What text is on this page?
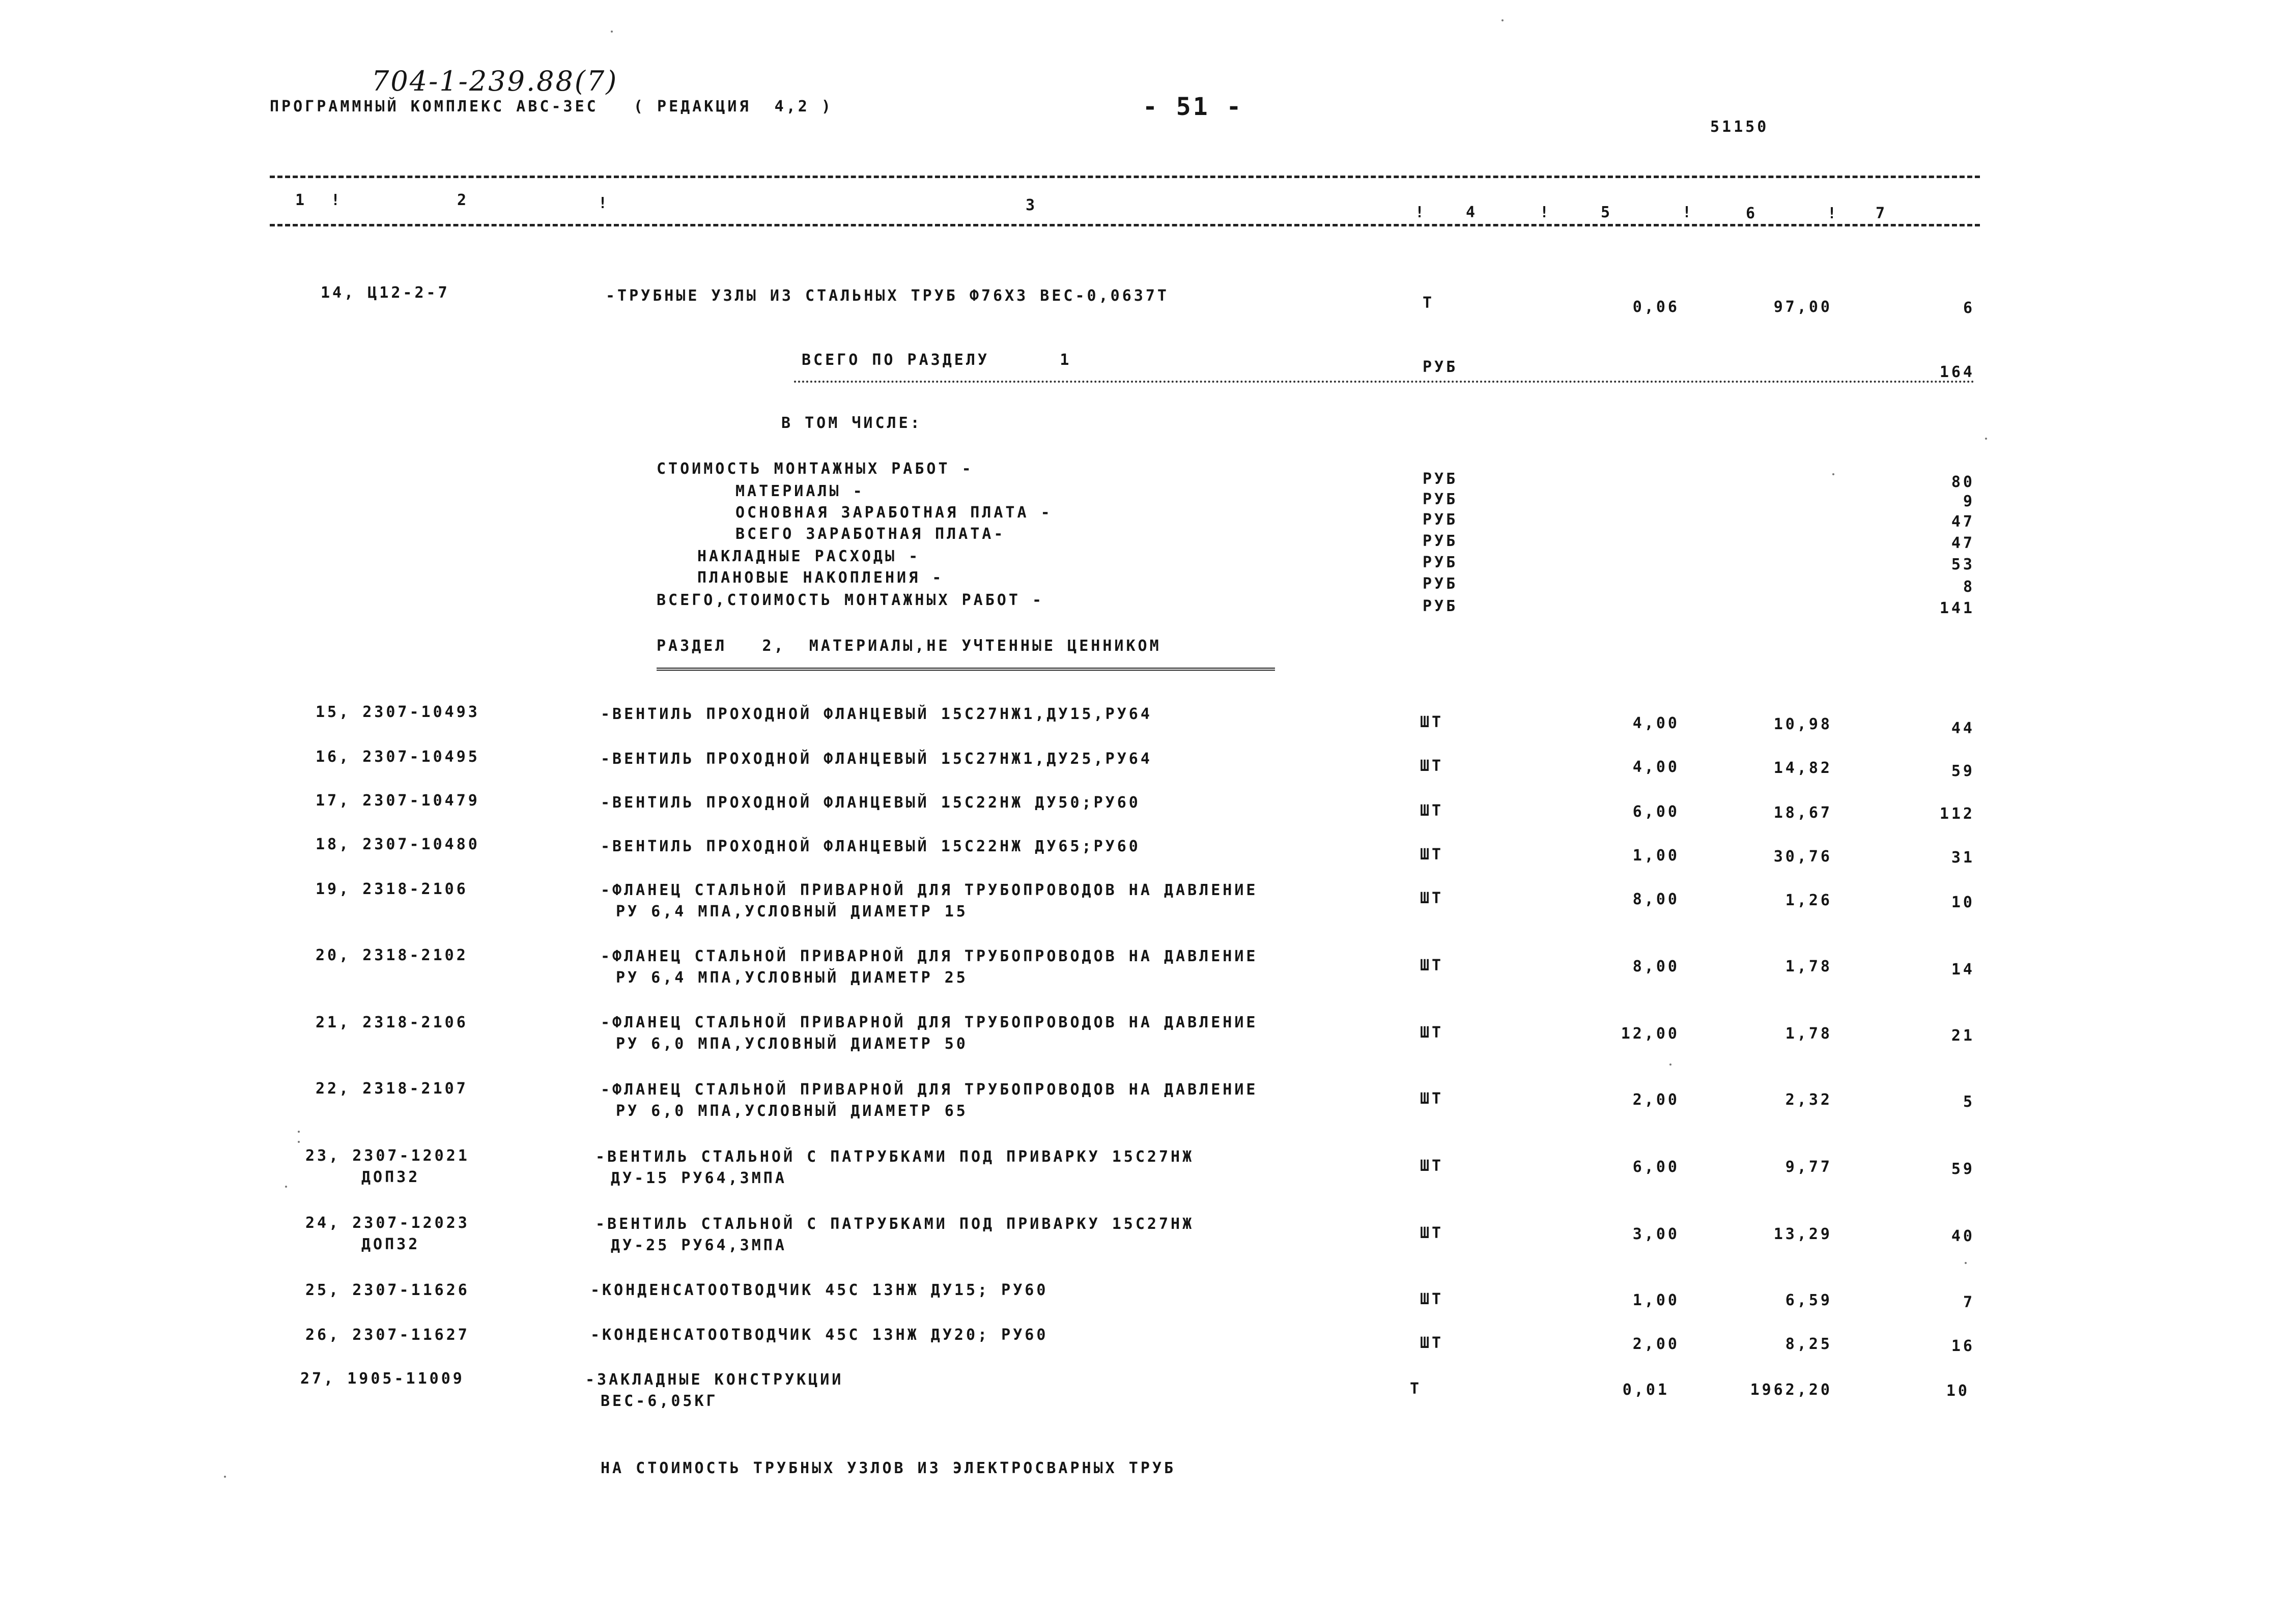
704-1-239.88(7)
ПРОГРАММНЫЙ КОМПЛЕКС АВС-3ЕС   ( РЕДАКЦИЯ  4,2 )	- 51 -
51150
1	2	3	4	5	6	7
!	!
!	!	!	!
14, Ц12-2-7	-ТРУБНЫЕ УЗЛЫ ИЗ СТАЛЬНЫХ ТРУБ Ф76Х3 ВЕС-0,0637Т	Т	0,06	97,00	6
ВСЕГО ПО РАЗДЕЛУ      1	РУБ	164
В ТОМ ЧИСЛЕ:
СТОИМОСТЬ МОНТАЖНЫХ РАБОТ -
РУБ	80
МАТЕРИАЛЫ -	РУБ	9
ОСНОВНАЯ ЗАРАБОТНАЯ ПЛАТА -	РУБ	47
ВСЕГО ЗАРАБОТНАЯ ПЛАТА-	РУБ	47
НАКЛАДНЫЕ РАСХОДЫ -	РУБ	53
ПЛАНОВЫЕ НАКОПЛЕНИЯ -	РУБ	8
ВСЕГО,СТОИМОСТЬ МОНТАЖНЫХ РАБОТ -	РУБ	141
РАЗДЕЛ   2,  МАТЕРИАЛЫ,НЕ УЧТЕННЫЕ ЦЕННИКОМ
15, 2307-10493	-ВЕНТИЛЬ ПРОХОДНОЙ ФЛАНЦЕВЫЙ 15С27НЖ1,ДУ15,РУ64	ШТ	4,00	10,98	44
16, 2307-10495	-ВЕНТИЛЬ ПРОХОДНОЙ ФЛАНЦЕВЫЙ 15С27НЖ1,ДУ25,РУ64	ШТ	4,00	14,82	59
17, 2307-10479	-ВЕНТИЛЬ ПРОХОДНОЙ ФЛАНЦЕВЫЙ 15С22НЖ ДУ50;РУ60	ШТ	6,00	18,67	112
18, 2307-10480	-ВЕНТИЛЬ ПРОХОДНОЙ ФЛАНЦЕВЫЙ 15С22НЖ ДУ65;РУ60	ШТ	1,00	30,76	31
19, 2318-2106	-ФЛАНЕЦ СТАЛЬНОЙ ПРИВАРНОЙ ДЛЯ ТРУБОПРОВОДОВ НА ДАВЛЕНИЕ
РУ 6,4 МПА,УСЛОВНЫЙ ДИАМЕТР 15
ШТ	8,00	1,26	10
20, 2318-2102	-ФЛАНЕЦ СТАЛЬНОЙ ПРИВАРНОЙ ДЛЯ ТРУБОПРОВОДОВ НА ДАВЛЕНИЕ
РУ 6,4 МПА,УСЛОВНЫЙ ДИАМЕТР 25
ШТ	8,00	1,78	14
21, 2318-2106	-ФЛАНЕЦ СТАЛЬНОЙ ПРИВАРНОЙ ДЛЯ ТРУБОПРОВОДОВ НА ДАВЛЕНИЕ
РУ 6,0 МПА,УСЛОВНЫЙ ДИАМЕТР 50
ШТ	12,00	1,78	21
22, 2318-2107	-ФЛАНЕЦ СТАЛЬНОЙ ПРИВАРНОЙ ДЛЯ ТРУБОПРОВОДОВ НА ДАВЛЕНИЕ
РУ 6,0 МПА,УСЛОВНЫЙ ДИАМЕТР 65
ШТ	2,00	2,32	5
23, 2307-12021
ДОП32
-ВЕНТИЛЬ СТАЛЬНОЙ С ПАТРУБКАМИ ПОД ПРИВАРКУ 15С27НЖ
ДУ-15 РУ64,3МПА
ШТ	6,00	9,77	59
24, 2307-12023
ДОП32
-ВЕНТИЛЬ СТАЛЬНОЙ С ПАТРУБКАМИ ПОД ПРИВАРКУ 15С27НЖ
ДУ-25 РУ64,3МПА
ШТ	3,00	13,29	40
25, 2307-11626	-КОНДЕНСАТООТВОДЧИК 45С 13НЖ ДУ15; РУ60
ШТ	1,00	6,59	7
26, 2307-11627	-КОНДЕНСАТООТВОДЧИК 45С 13НЖ ДУ20; РУ60	ШТ	2,00	8,25	16
27, 1905-11009	-ЗАКЛАДНЫЕ КОНСТРУКЦИИ
ВЕС-6,05КГ
Т	0,01	1962,20	10
НА СТОИМОСТЬ ТРУБНЫХ УЗЛОВ ИЗ ЭЛЕКТРОСВАРНЫХ ТРУБ
